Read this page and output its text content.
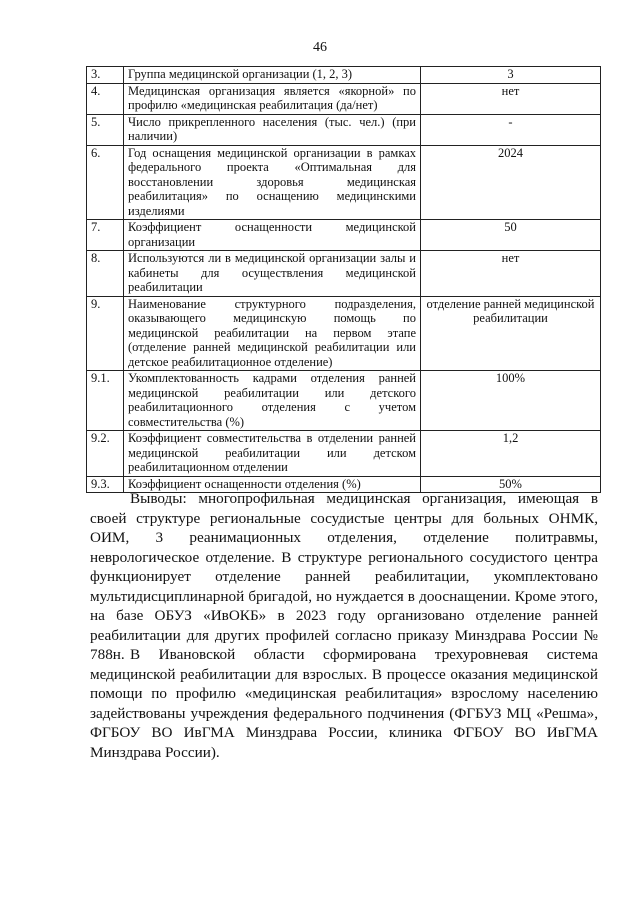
46
3.	Группа медицинской организации (1, 2, 3)	3
4.	Медицинская организация является «якорной» по профилю «медицинская реабилитация (да/нет)	нет
5.	Число прикрепленного населения (тыс. чел.) (при наличии)	-
6.	Год оснащения медицинской организации в рамках федерального проекта «Оптимальная для восстановлении здоровья медицинская реабилитация» по оснащению медицинскими изделиями	2024
7.	Коэффициент оснащенности медицинской организации	50
8.	Используются ли в медицинской организации залы и кабинеты для осуществления медицинской реабилитации	нет
9.	Наименование структурного подразделения, оказывающего медицинскую помощь по медицинской реабилитации на первом этапе (отделение ранней медицинской реабилитации или детское реабилитационное отделение)	отделение ранней медицинской реабилитации
9.1.	Укомплектованность кадрами отделения ранней медицинской реабилитации или детского реабилитационного отделения с учетом совместительства (%)	100%
9.2.	Коэффициент совместительства в отделении ранней медицинской реабилитации или детском реабилитационном отделении	1,2
9.3.	Коэффициент оснащенности отделения (%)	50%

Выводы: многопрофильная медицинская организация, имеющая в своей структуре региональные сосудистые центры для больных ОНМК, ОИМ, 3 реанимационных отделения, отделение политравмы, неврологическое отделение. В структуре регионального сосудистого центра функционирует отделение ранней реабилитации, укомплектовано мультидисциплинарной бригадой, но нуждается в дооснащении. Кроме этого, на базе ОБУЗ «ИвОКБ» в 2023 году организовано отделение ранней реабилитации для других профилей согласно приказу Минздрава России № 788н. В Ивановской области сформирована трехуровневая система медицинской реабилитации для взрослых. В процессе оказания медицинской помощи по профилю «медицинская реабилитация» взрослому населению задействованы учреждения федерального подчинения (ФГБУЗ МЦ «Решма», ФГБОУ ВО ИвГМА Минздрава России, клиника ФГБОУ ВО ИвГМА Минздрава России).
